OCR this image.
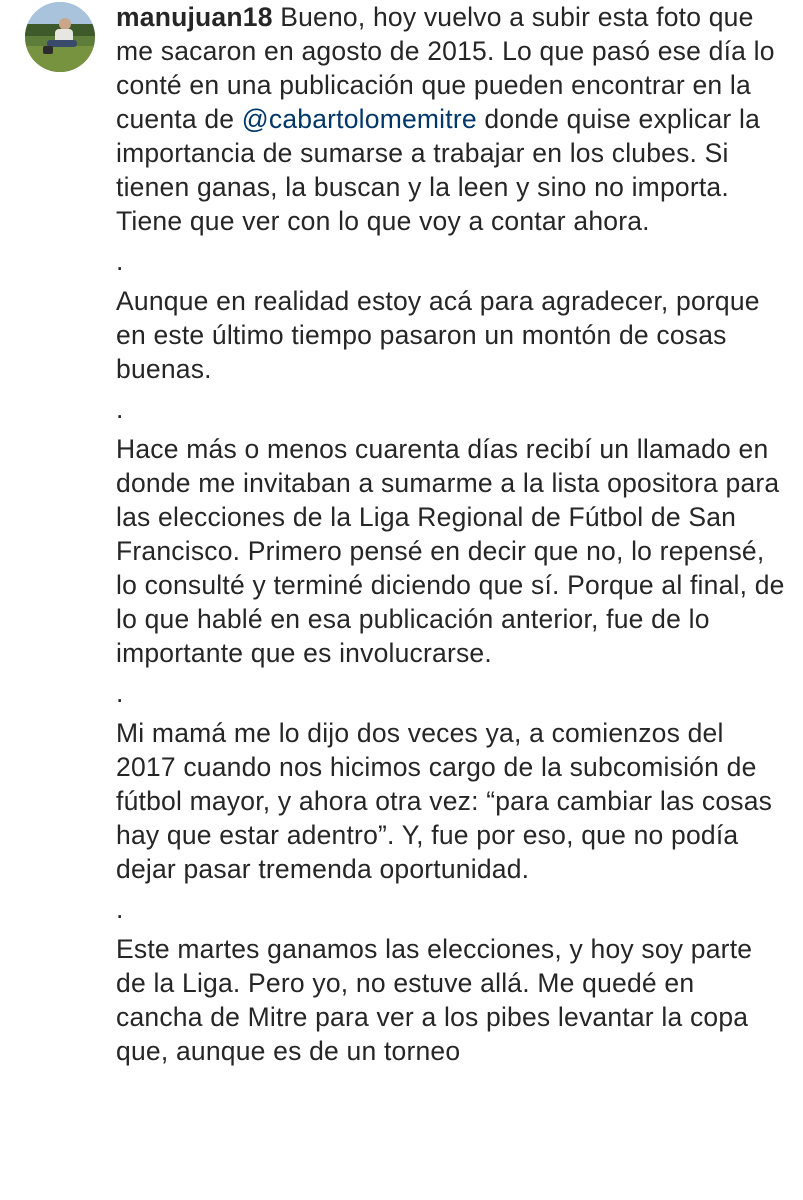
manujuan18 Bueno, hoy vuelvo a subir esta foto que me sacaron en agosto de 2015. Lo que pasó ese día lo conté en una publicación que pueden encontrar en la cuenta de @cabartolomemitre donde quise explicar la importancia de sumarse a trabajar en los clubes. Si tienen ganas, la buscan y la leen y sino no importa. Tiene que ver con lo que voy a contar ahora.

.

Aunque en realidad estoy acá para agradecer, porque en este último tiempo pasaron un montón de cosas buenas.

.

Hace más o menos cuarenta días recibí un llamado en donde me invitaban a sumarme a la lista opositora para las elecciones de la Liga Regional de Fútbol de San Francisco. Primero pensé en decir que no, lo repensé, lo consulté y terminé diciendo que sí. Porque al final, de lo que hablé en esa publicación anterior, fue de lo importante que es involucrarse.

.

Mi mamá me lo dijo dos veces ya, a comienzos del 2017 cuando nos hicimos cargo de la subcomisión de fútbol mayor, y ahora otra vez: “para cambiar las cosas hay que estar adentro”. Y, fue por eso, que no podía dejar pasar tremenda oportunidad.

.

Este martes ganamos las elecciones, y hoy soy parte de la Liga. Pero yo, no estuve allá. Me quedé en cancha de Mitre para ver a los pibes levantar la copa que, aunque es de un torneo
